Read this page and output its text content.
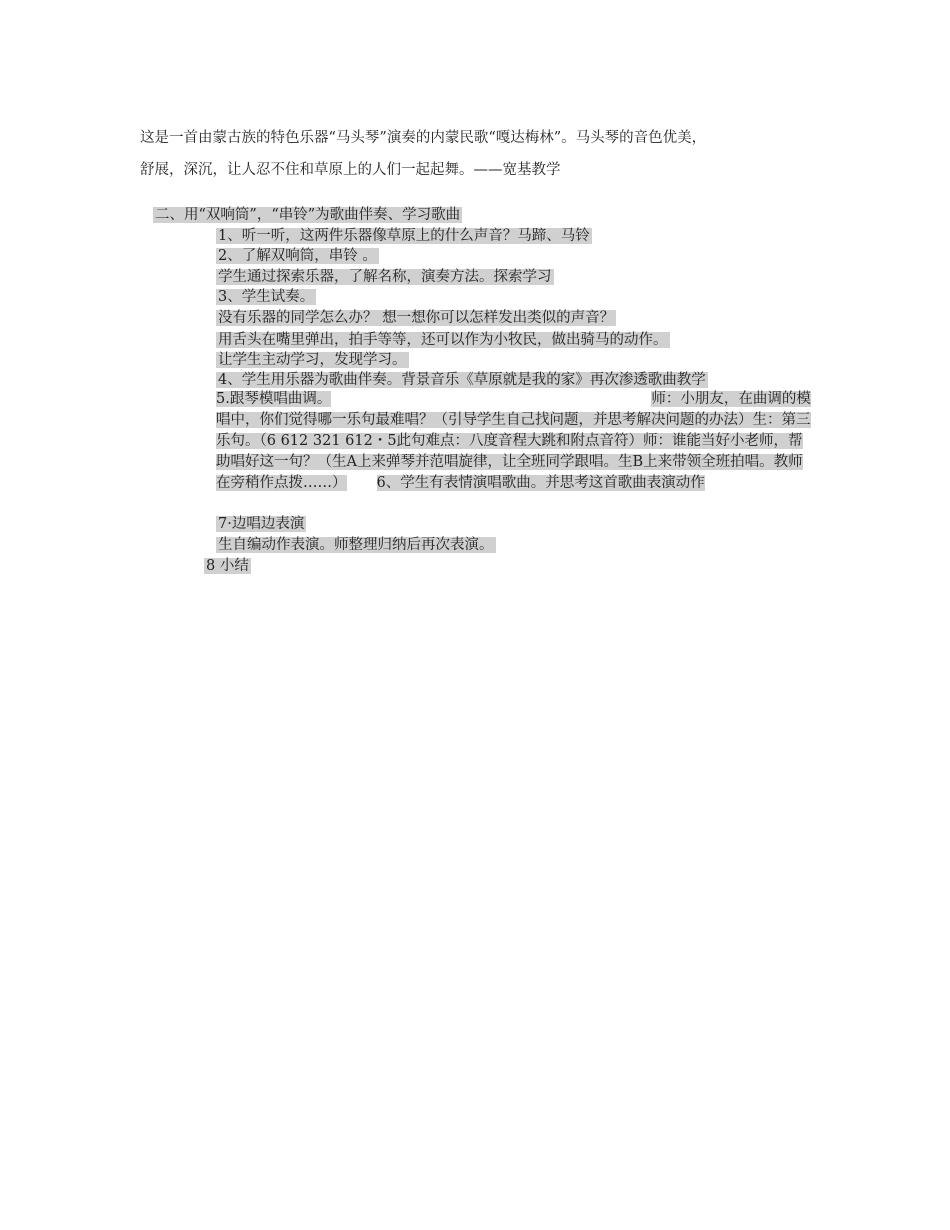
这是一首由蒙古族的特色乐器“马头琴”演奏的内蒙民歌“嘎达梅林”。马头琴的音色优美，

舒展，深沉，让人忍不住和草原上的人们一起起舞。——宽基教学

二、用“双响筒”，“串铃”为歌曲伴奏、学习歌曲
1、听一听，这两件乐器像草原上的什么声音？马蹄、马铃
2、了解双响筒，串铃 。
学生通过探索乐器，了解名称，演奏方法。探索学习
3、学生试奏。
没有乐器的同学怎么办？ 想一想你可以怎样发出类似的声音？
用舌头在嘴里弹出，拍手等等，还可以作为小牧民，做出骑马的动作。
让学生主动学习，发现学习。
4、学生用乐器为歌曲伴奏。背景音乐《草原就是我的家》再次渗透歌曲教学
5.跟琴模唱曲调。	师：小朋友，在曲调的模唱中，你们觉得哪一乐句最难唱？（引导学生自己找问题，并思考解决问题的办法）生：第三乐句。（6 612 321 612・5此句难点：八度音程大跳和附点音符）师：谁能当好小老师，帮助唱好这一句？（生A上来弹琴并范唱旋律，让全班同学跟唱。生B上来带领全班拍唱。教师在旁稍作点拨……） 6、学生有表情演唱歌曲。并思考这首歌曲表演动作
7·边唱边表演
生自编动作表演。师整理归纳后再次表演。
8 小结
